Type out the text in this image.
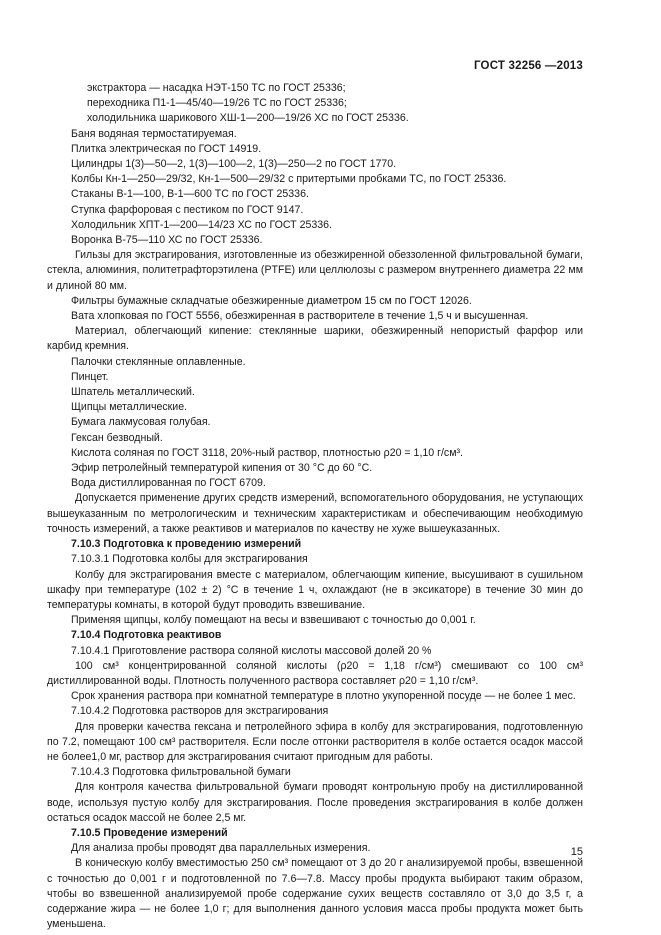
ГОСТ 32256 —2013

экстрактора — насадка НЭТ-150 ТС по ГОСТ 25336;

переходника П1-1—45/40—19/26 ТС по ГОСТ 25336;

холодильника шарикового ХШ-1—200—19/26 ХС по ГОСТ 25336.

Баня водяная термостатируемая.

Плитка электрическая по ГОСТ 14919.

Цилиндры 1(3)—50—2, 1(3)—100—2, 1(3)—250—2 по ГОСТ 1770.

Колбы Кн-1—250—29/32, Кн-1—500—29/32 с притертыми пробками ТС, по ГОСТ 25336.

Стаканы В-1—100, В-1—600 ТС по ГОСТ 25336.

Ступка фарфоровая с пестиком по ГОСТ 9147.

Холодильник ХПТ-1—200—14/23 ХС по ГОСТ 25336.

Воронка В-75—110 ХС по ГОСТ 25336.

Гильзы для экстрагирования, изготовленные из обезжиренной обеззоленной фильтровальной бумаги, стекла, алюминия, политетрафторэтилена (PTFE) или целлюлозы с размером внутреннего диаметра 22 мм и длиной 80 мм.

Фильтры бумажные складчатые обезжиренные диаметром 15 см по ГОСТ 12026.

Вата хлопковая по ГОСТ 5556, обезжиренная в растворителе в течение 1,5 ч и высушенная.

Материал, облегчающий кипение: стеклянные шарики, обезжиренный непористый фарфор или карбид кремния.

Палочки стеклянные оплавленные.

Пинцет.

Шпатель металлический.

Щипцы металлические.

Бумага лакмусовая голубая.

Гексан безводный.

Кислота соляная по ГОСТ 3118, 20%-ный раствор, плотностью ρ20 = 1,10 г/см³.

Эфир петролейный температурой кипения от 30 °С до 60 °С.

Вода дистиллированная по ГОСТ 6709.

Допускается применение других средств измерений, вспомогательного оборудования, не уступающих вышеуказанным по метрологическим и техническим характеристикам и обеспечивающим необходимую точность измерений, а также реактивов и материалов по качеству не хуже вышеуказанных.

7.10.3 Подготовка к проведению измерений

7.10.3.1 Подготовка колбы для экстрагирования

Колбу для экстрагирования вместе с материалом, облегчающим кипение, высушивают в сушильном шкафу при температуре (102 ± 2) °С в течение 1 ч, охлаждают (не в эксикаторе) в течение 30 мин до температуры комнаты, в которой будут проводить взвешивание.

Применяя щипцы, колбу помещают на весы и взвешивают с точностью до 0,001 г.

7.10.4 Подготовка реактивов

7.10.4.1 Приготовление раствора соляной кислоты массовой долей 20 %

100 см³ концентрированной соляной кислоты (ρ20 = 1,18 г/см³) смешивают со 100 см³ дистиллированной воды. Плотность полученного раствора составляет ρ20 = 1,10 г/см³.

Срок хранения раствора при комнатной температуре в плотно укупоренной посуде — не более 1 мес.

7.10.4.2 Подготовка растворов для экстрагирования

Для проверки качества гексана и петролейного эфира в колбу для экстрагирования, подготовленную по 7.2, помещают 100 см³ растворителя. Если после отгонки растворителя в колбе остается осадок массой не более1,0 мг, раствор для экстрагирования считают пригодным для работы.

7.10.4.3 Подготовка фильтровальной бумаги

Для контроля качества фильтровальной бумаги проводят контрольную пробу на дистиллированной воде, используя пустую колбу для экстрагирования. После проведения экстрагирования в колбе должен остаться осадок массой не более 2,5 мг.

7.10.5 Проведение измерений

Для анализа пробы проводят два параллельных измерения.

В коническую колбу вместимостью 250 см³ помещают от 3 до 20 г анализируемой пробы, взвешенной с точностью до 0,001 г и подготовленной по 7.6—7.8. Массу пробы продукта выбирают таким образом, чтобы во взвешенной анализируемой пробе содержание сухих веществ составляло от 3,0 до 3,5 г, а содержание жира — не более 1,0 г; для выполнения данного условия масса пробы продукта может быть уменьшена.

15
